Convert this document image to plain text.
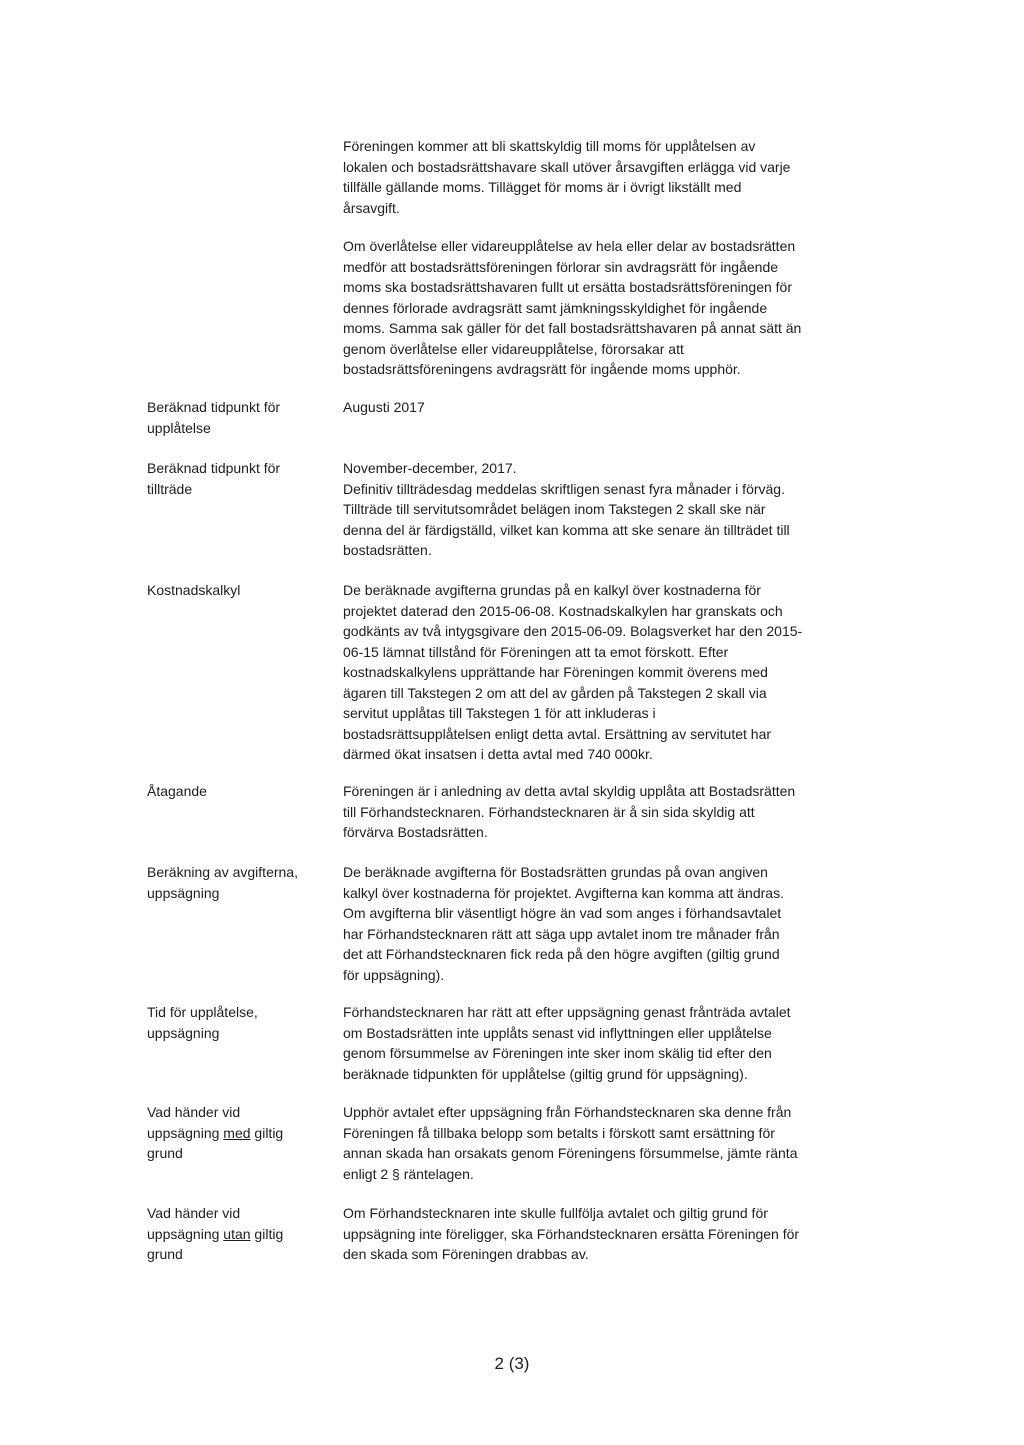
Föreningen kommer att bli skattskyldig till moms för upplåtelsen av
lokalen och bostadsrättshavare skall utöver årsavgiften erlägga vid varje
tillfälle gällande moms. Tillägget för moms är i övrigt likställt med
årsavgift.

Om överlåtelse eller vidareupplåtelse av hela eller delar av bostadsrätten
medför att bostadsrättsföreningen förlorar sin avdragsrätt för ingående
moms ska bostadsrättshavaren fullt ut ersätta bostadsrättsföreningen för
dennes förlorade avdragsrätt samt jämkningsskyldighet för ingående
moms. Samma sak gäller för det fall bostadsrättshavaren på annat sätt än
genom överlåtelse eller vidareupplåtelse, förorsakar att
bostadsrättsföreningens avdragsrätt för ingående moms upphör.

Beräknad tidpunkt för
upplåtelse

Augusti 2017

Beräknad tidpunkt för
tillträde

November-december, 2017.
Definitiv tillträdesdag meddelas skriftligen senast fyra månader i förväg.
Tillträde till servitutsområdet belägen inom Takstegen 2 skall ske när
denna del är färdigställd, vilket kan komma att ske senare än tillträdet till
bostadsrätten.

Kostnadskalkyl	De beräknade avgifterna grundas på en kalkyl över kostnaderna för
projektet daterad den 2015-06-08. Kostnadskalkylen har granskats och
godkänts av två intygsgivare den 2015-06-09. Bolagsverket har den 2015-
06-15 lämnat tillstånd för Föreningen att ta emot förskott. Efter
kostnadskalkylens upprättande har Föreningen kommit överens med
ägaren till Takstegen 2 om att del av gården på Takstegen 2 skall via
servitut upplåtas till Takstegen 1 för att inkluderas i
bostadsrättsupplåtelsen enligt detta avtal. Ersättning av servitutet har
därmed ökat insatsen i detta avtal med 740 000kr.

Åtagande	Föreningen är i anledning av detta avtal skyldig upplåta att Bostadsrätten
till Förhandstecknaren. Förhandstecknaren är å sin sida skyldig att
förvärva Bostadsrätten.

Beräkning av avgifterna,
uppsägning

De beräknade avgifterna för Bostadsrätten grundas på ovan angiven
kalkyl över kostnaderna för projektet. Avgifterna kan komma att ändras.
Om avgifterna blir väsentligt högre än vad som anges i förhandsavtalet
har Förhandstecknaren rätt att säga upp avtalet inom tre månader från
det att Förhandstecknaren fick reda på den högre avgiften (giltig grund
för uppsägning).

Tid för upplåtelse,
uppsägning

Förhandstecknaren har rätt att efter uppsägning genast frånträda avtalet
om Bostadsrätten inte upplåts senast vid inflyttningen eller upplåtelse
genom försummelse av Föreningen inte sker inom skälig tid efter den
beräknade tidpunkten för upplåtelse (giltig grund för uppsägning).

Vad händer vid
uppsägning med giltig
grund

Upphör avtalet efter uppsägning från Förhandstecknaren ska denne från
Föreningen få tillbaka belopp som betalts i förskott samt ersättning för
annan skada han orsakats genom Föreningens försummelse, jämte ränta
enligt 2 § räntelagen.

Vad händer vid
uppsägning utan giltig
grund

Om Förhandstecknaren inte skulle fullfölja avtalet och giltig grund för
uppsägning inte föreligger, ska Förhandstecknaren ersätta Föreningen för
den skada som Föreningen drabbas av.

2 (3)
